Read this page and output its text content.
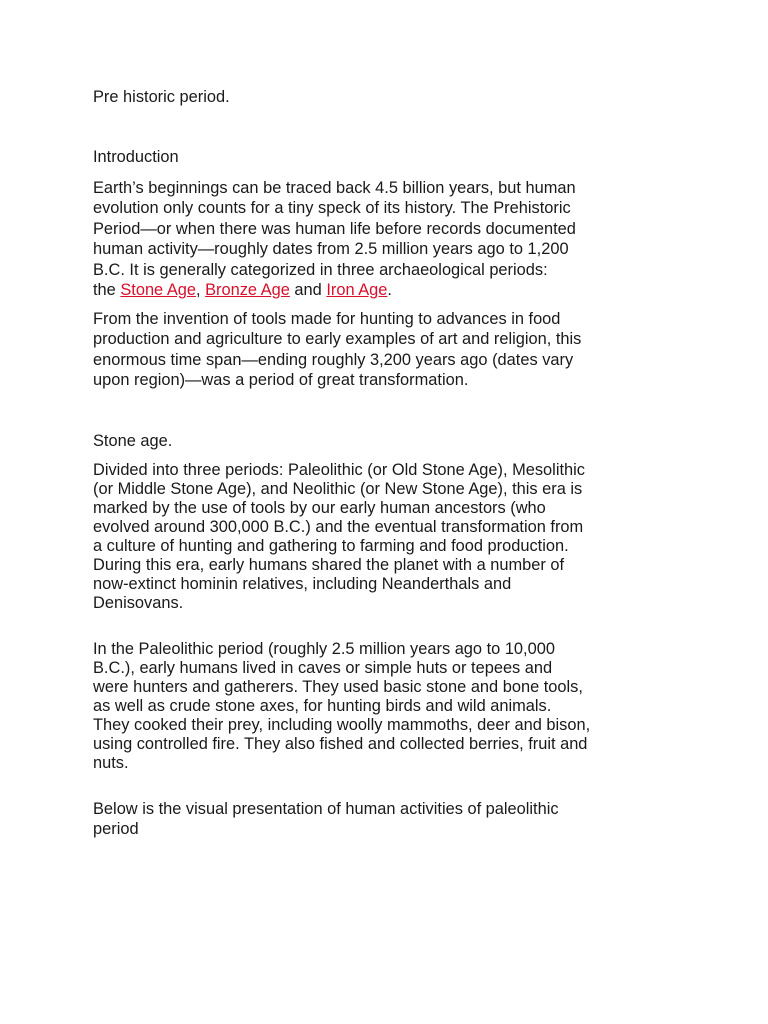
Pre historic period.

Introduction

Earth’s beginnings can be traced back 4.5 billion years, but human
evolution only counts for a tiny speck of its history. The Prehistoric
Period—or when there was human life before records documented
human activity—roughly dates from 2.5 million years ago to 1,200
B.C. It is generally categorized in three archaeological periods:
the Stone Age, Bronze Age and Iron Age.

From the invention of tools made for hunting to advances in food
production and agriculture to early examples of art and religion, this
enormous time span—ending roughly 3,200 years ago (dates vary
upon region)—was a period of great transformation.

Stone age.

Divided into three periods: Paleolithic (or Old Stone Age), Mesolithic
(or Middle Stone Age), and Neolithic (or New Stone Age), this era is
marked by the use of tools by our early human ancestors (who
evolved around 300,000 B.C.) and the eventual transformation from
a culture of hunting and gathering to farming and food production.
During this era, early humans shared the planet with a number of
now-extinct hominin relatives, including Neanderthals and
Denisovans.

In the Paleolithic period (roughly 2.5 million years ago to 10,000
B.C.), early humans lived in caves or simple huts or tepees and
were hunters and gatherers. They used basic stone and bone tools,
as well as crude stone axes, for hunting birds and wild animals.
They cooked their prey, including woolly mammoths, deer and bison,
using controlled fire. They also fished and collected berries, fruit and
nuts.

Below is the visual presentation of human activities of paleolithic
period
